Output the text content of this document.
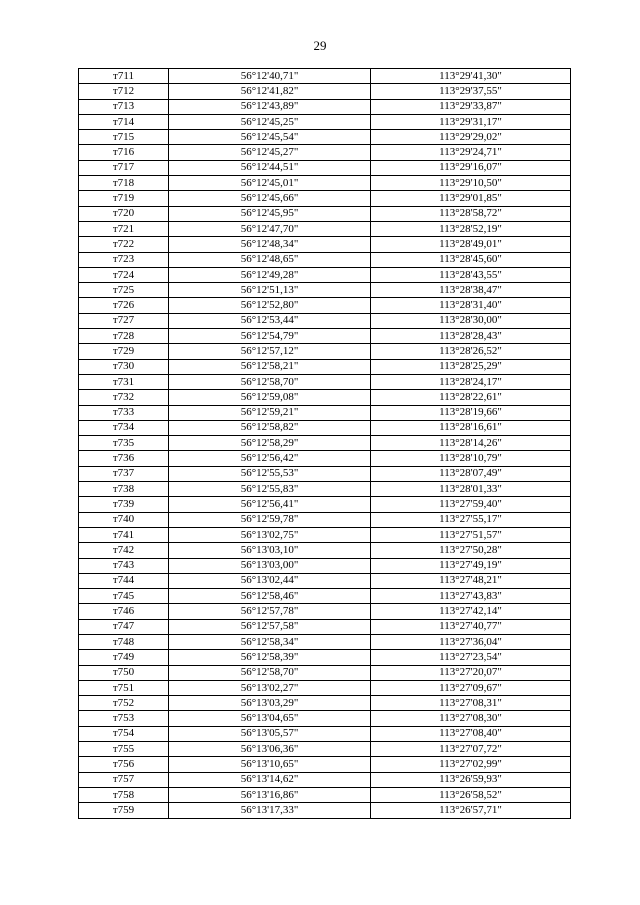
29
т711	56°12'40,71"	113°29'41,30"
т712	56°12'41,82"	113°29'37,55"
т713	56°12'43,89"	113°29'33,87"
т714	56°12'45,25"	113°29'31,17"
т715	56°12'45,54"	113°29'29,02"
т716	56°12'45,27"	113°29'24,71"
т717	56°12'44,51"	113°29'16,07"
т718	56°12'45,01"	113°29'10,50"
т719	56°12'45,66"	113°29'01,85"
т720	56°12'45,95"	113°28'58,72"
т721	56°12'47,70"	113°28'52,19"
т722	56°12'48,34"	113°28'49,01"
т723	56°12'48,65"	113°28'45,60"
т724	56°12'49,28"	113°28'43,55"
т725	56°12'51,13"	113°28'38,47"
т726	56°12'52,80"	113°28'31,40"
т727	56°12'53,44"	113°28'30,00"
т728	56°12'54,79"	113°28'28,43"
т729	56°12'57,12"	113°28'26,52"
т730	56°12'58,21"	113°28'25,29"
т731	56°12'58,70"	113°28'24,17"
т732	56°12'59,08"	113°28'22,61"
т733	56°12'59,21"	113°28'19,66"
т734	56°12'58,82"	113°28'16,61"
т735	56°12'58,29"	113°28'14,26"
т736	56°12'56,42"	113°28'10,79"
т737	56°12'55,53"	113°28'07,49"
т738	56°12'55,83"	113°28'01,33"
т739	56°12'56,41"	113°27'59,40"
т740	56°12'59,78"	113°27'55,17"
т741	56°13'02,75"	113°27'51,57"
т742	56°13'03,10"	113°27'50,28"
т743	56°13'03,00"	113°27'49,19"
т744	56°13'02,44"	113°27'48,21"
т745	56°12'58,46"	113°27'43,83"
т746	56°12'57,78"	113°27'42,14"
т747	56°12'57,58"	113°27'40,77"
т748	56°12'58,34"	113°27'36,04"
т749	56°12'58,39"	113°27'23,54"
т750	56°12'58,70"	113°27'20,07"
т751	56°13'02,27"	113°27'09,67"
т752	56°13'03,29"	113°27'08,31"
т753	56°13'04,65"	113°27'08,30"
т754	56°13'05,57"	113°27'08,40"
т755	56°13'06,36"	113°27'07,72"
т756	56°13'10,65"	113°27'02,99"
т757	56°13'14,62"	113°26'59,93"
т758	56°13'16,86"	113°26'58,52"
т759	56°13'17,33"	113°26'57,71"
